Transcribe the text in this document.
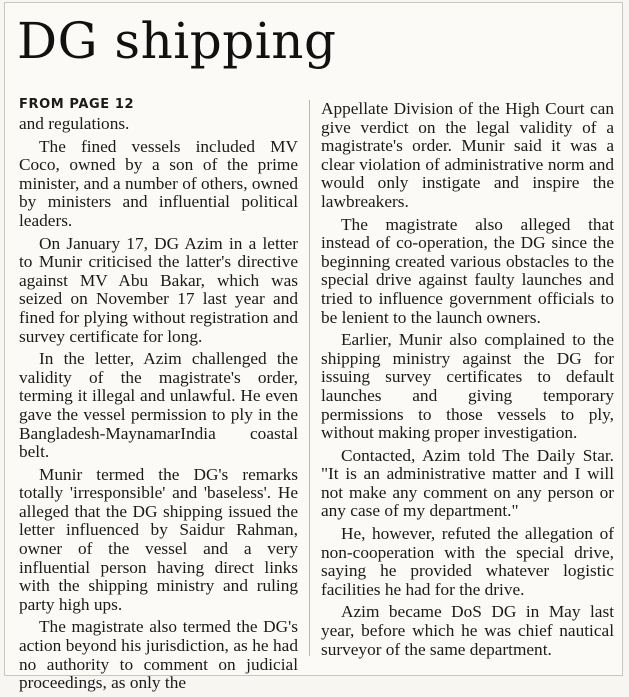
DG shipping
FROM PAGE 12

and regulations.

The fined vessels included MV Coco, owned by a son of the prime minister, and a number of others, owned by ministers and influential political leaders.

On January 17, DG Azim in a letter to Munir criticised the latter's directive against MV Abu Bakar, which was seized on November 17 last year and fined for plying without registration and survey certificate for long.

In the letter, Azim challenged the validity of the magistrate's order, terming it illegal and unlawful. He even gave the vessel permission to ply in the Bangladesh-MaynamarIndia coastal belt.

Munir termed the DG's remarks totally 'irresponsible' and 'baseless'. He alleged that the DG shipping issued the letter influenced by Saidur Rahman, owner of the vessel and a very influential person having direct links with the shipping ministry and ruling party high ups.

The magistrate also termed the DG's action beyond his jurisdiction, as he had no authority to comment on judicial proceedings, as only the

Appellate Division of the High Court can give verdict on the legal validity of a magistrate's order. Munir said it was a clear violation of administrative norm and would only instigate and inspire the lawbreakers.

The magistrate also alleged that instead of co-operation, the DG since the beginning created various obstacles to the special drive against faulty launches and tried to influence government officials to be lenient to the launch owners.

Earlier, Munir also complained to the shipping ministry against the DG for issuing survey certificates to default launches and giving temporary permissions to those vessels to ply, without making proper investigation.

Contacted, Azim told The Daily Star. "It is an administrative matter and I will not make any comment on any person or any case of my department."

He, however, refuted the allegation of non-cooperation with the special drive, saying he provided whatever logistic facilities he had for the drive.

Azim became DoS DG in May last year, before which he was chief nautical surveyor of the same department.
